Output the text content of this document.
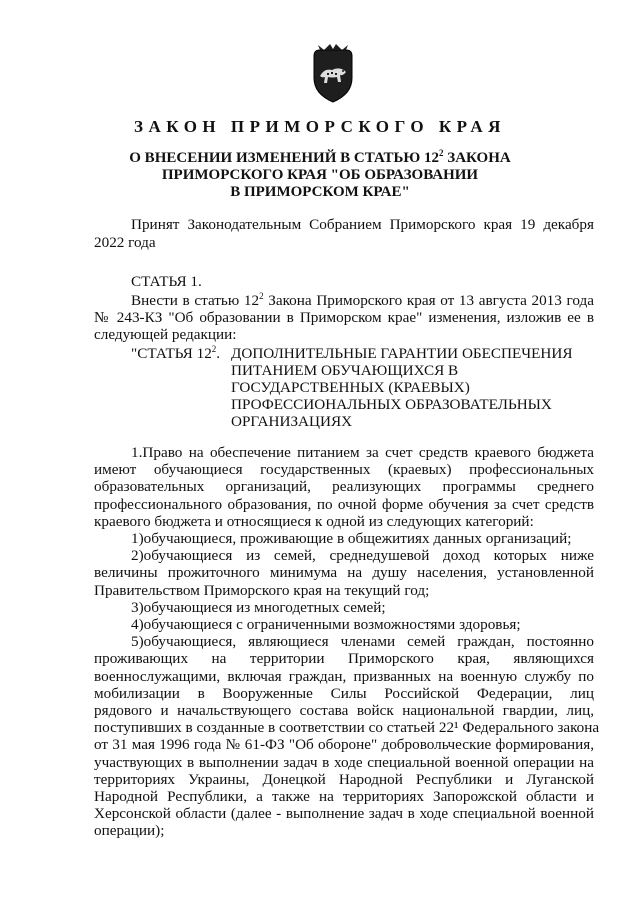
ЗАКОН ПРИМОРСКОГО КРАЯ
О ВНЕСЕНИИ ИЗМЕНЕНИЙ В СТАТЬЮ $12^2$ ЗАКОНА
ПРИМОРСКОГО КРАЯ "ОБ ОБРАЗОВАНИИ
В ПРИМОРСКОМ КРАЕ"
Принят Законодательным Собранием Приморского края 19 декабря
2022 года
СТАТЬЯ 1.
Внести в статью $12^2$ Закона Приморского края от 13 августа 2013 года
№ 243-КЗ "Об образовании в Приморском крае" изменения, изложив ее в
следующей редакции:
"СТАТЬЯ $12^2$. ДОПОЛНИТЕЛЬНЫЕ ГАРАНТИИ ОБЕСПЕЧЕНИЯ
ПИТАНИЕМ ОБУЧАЮЩИХСЯ В
ГОСУДАРСТВЕННЫХ (КРАЕВЫХ)
ПРОФЕССИОНАЛЬНЫХ ОБРАЗОВАТЕЛЬНЫХ
ОРГАНИЗАЦИЯХ
1.Право на обеспечение питанием за счет средств краевого бюджета
имеют обучающиеся государственных (краевых) профессиональных
образовательных организаций, реализующих программы среднего
профессионального образования, по очной форме обучения за счет средств
краевого бюджета и относящиеся к одной из следующих категорий:
1)обучающиеся, проживающие в общежитиях данных организаций;
2)обучающиеся из семей, среднедушевой доход которых ниже
величины прожиточного минимума на душу населения, установленной
Правительством Приморского края на текущий год;
3)обучающиеся из многодетных семей;
4)обучающиеся с ограниченными возможностями здоровья;
5)обучающиеся, являющиеся членами семей граждан, постоянно
проживающих на территории Приморского края, являющихся
военнослужащими, включая граждан, призванных на военную службу по
мобилизации в Вооруженные Силы Российской Федерации, лиц
рядового и начальствующего состава войск национальной гвардии, лиц,
поступивших в созданные в соответствии со статьей 22¹ Федерального закона
от 31 мая 1996 года № 61-ФЗ "Об обороне" добровольческие формирования,
участвующих в выполнении задач в ходе специальной военной операции на
территориях Украины, Донецкой Народной Республики и Луганской
Народной Республики, а также на территориях Запорожской области и
Херсонской области (далее - выполнение задач в ходе специальной военной
операции);
